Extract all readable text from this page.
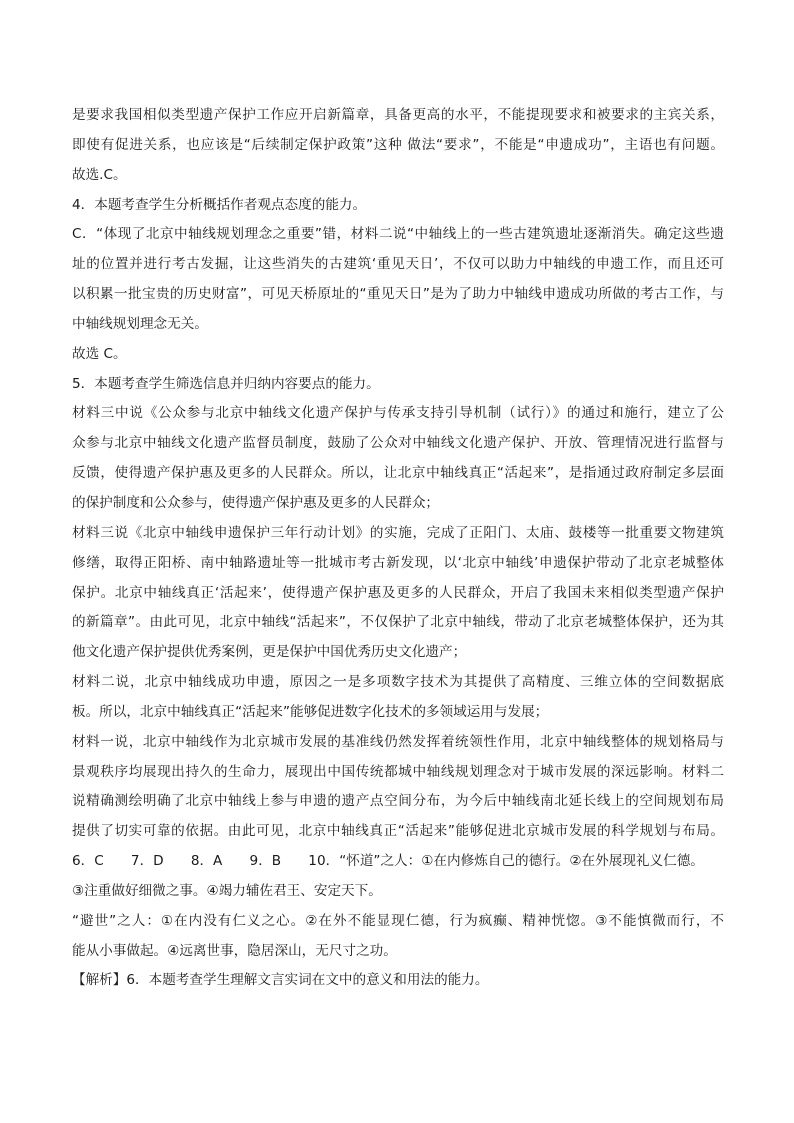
是要求我国相似类型遗产保护工作应开启新篇章，具备更高的水平，不能提现要求和被要求的主宾关系，
即使有促进关系，也应该是“后续制定保护政策”这种 做法“要求”，不能是“申遗成功”，主语也有问题。
故选.C。
4．本题考查学生分析概括作者观点态度的能力。
C．“体现了北京中轴线规划理念之重要”错，材料二说“中轴线上的一些古建筑遗址逐渐消失。确定这些遗
址的位置并进行考古发掘，让这些消失的古建筑‘重见天日’，不仅可以助力中轴线的申遗工作，而且还可
以积累一批宝贵的历史财富”，可见天桥原址的“重见天日”是为了助力中轴线申遗成功所做的考古工作，与
中轴线规划理念无关。
故选 C。
5．本题考查学生筛选信息并归纳内容要点的能力。
材料三中说《公众参与北京中轴线文化遗产保护与传承支持引导机制（试行）》的通过和施行，建立了公
众参与北京中轴线文化遗产监督员制度，鼓励了公众对中轴线文化遗产保护、开放、管理情况进行监督与
反馈，使得遗产保护惠及更多的人民群众。所以，让北京中轴线真正“活起来”，是指通过政府制定多层面
的保护制度和公众参与，使得遗产保护惠及更多的人民群众；
材料三说《北京中轴线申遗保护三年行动计划》的实施，完成了正阳门、太庙、鼓楼等一批重要文物建筑
修缮，取得正阳桥、南中轴路遗址等一批城市考古新发现，以‘北京中轴线’申遗保护带动了北京老城整体
保护。北京中轴线真正‘活起来’，使得遗产保护惠及更多的人民群众，开启了我国未来相似类型遗产保护
的新篇章”。由此可见，北京中轴线“活起来”，不仅保护了北京中轴线，带动了北京老城整体保护，还为其
他文化遗产保护提供优秀案例，更是保护中国优秀历史文化遗产；
材料二说，北京中轴线成功申遗，原因之一是多项数字技术为其提供了高精度、三维立体的空间数据底
板。所以，北京中轴线真正“活起来”能够促进数字化技术的多领域运用与发展；
材料一说，北京中轴线作为北京城市发展的基准线仍然发挥着统领性作用，北京中轴线整体的规划格局与
景观秩序均展现出持久的生命力，展现出中国传统都城中轴线规划理念对于城市发展的深远影响。材料二
说精确测绘明确了北京中轴线上参与申遗的遗产点空间分布，为今后中轴线南北延长线上的空间规划布局
提供了切实可靠的依据。由此可见，北京中轴线真正“活起来”能够促进北京城市发展的科学规划与布局。
6．C　　7．D　　8．A　　9．B　　10．“怀道”之人：①在内修炼自己的德行。②在外展现礼义仁德。
③注重做好细微之事。④竭力辅佐君王、安定天下。
“避世”之人：①在内没有仁义之心。②在外不能显现仁德，行为疯癫、精神恍惚。③不能慎微而行，不
能从小事做起。④远离世事，隐居深山，无尺寸之功。
【解析】6．本题考查学生理解文言实词在文中的意义和用法的能力。
